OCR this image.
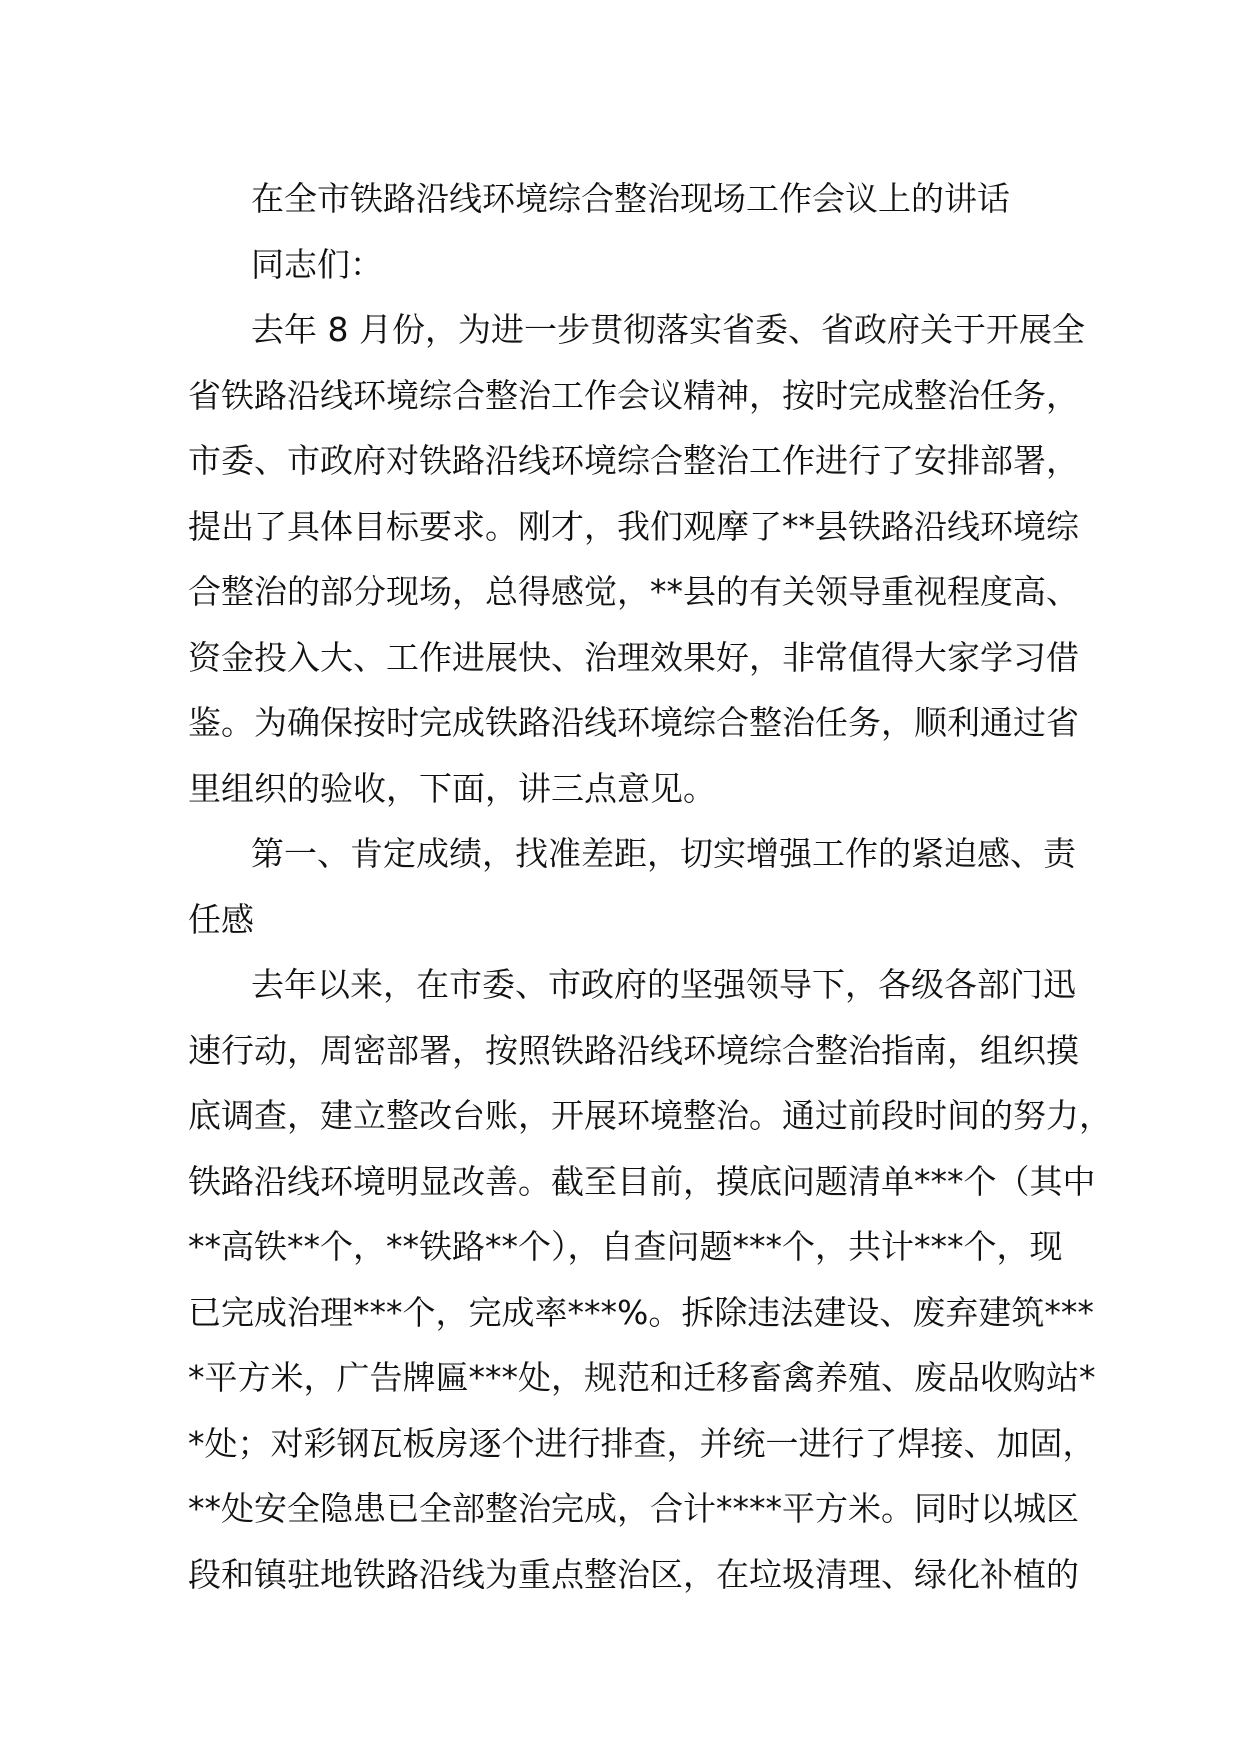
在全市铁路沿线环境综合整治现场工作会议上的讲话

同志们：

去年 8 月份，为进一步贯彻落实省委、省政府关于开展全

省铁路沿线环境综合整治工作会议精神，按时完成整治任务，

市委、市政府对铁路沿线环境综合整治工作进行了安排部署，

提出了具体目标要求。刚才，我们观摩了**县铁路沿线环境综

合整治的部分现场，总得感觉，**县的有关领导重视程度高、

资金投入大、工作进展快、治理效果好，非常值得大家学习借

鉴。为确保按时完成铁路沿线环境综合整治任务，顺利通过省

里组织的验收，下面，讲三点意见。

第一、肯定成绩，找准差距，切实增强工作的紧迫感、责

任感

去年以来，在市委、市政府的坚强领导下，各级各部门迅

速行动，周密部署，按照铁路沿线环境综合整治指南，组织摸

底调查，建立整改台账，开展环境整治。通过前段时间的努力，

铁路沿线环境明显改善。截至目前，摸底问题清单***个（其中

**高铁**个，**铁路**个），自查问题***个，共计***个，现

已完成治理***个，完成率***%。拆除违法建设、废弃建筑***

*平方米，广告牌匾***处，规范和迁移畜禽养殖、废品收购站*

*处；对彩钢瓦板房逐个进行排查，并统一进行了焊接、加固，

**处安全隐患已全部整治完成，合计****平方米。同时以城区

段和镇驻地铁路沿线为重点整治区，在垃圾清理、绿化补植的
